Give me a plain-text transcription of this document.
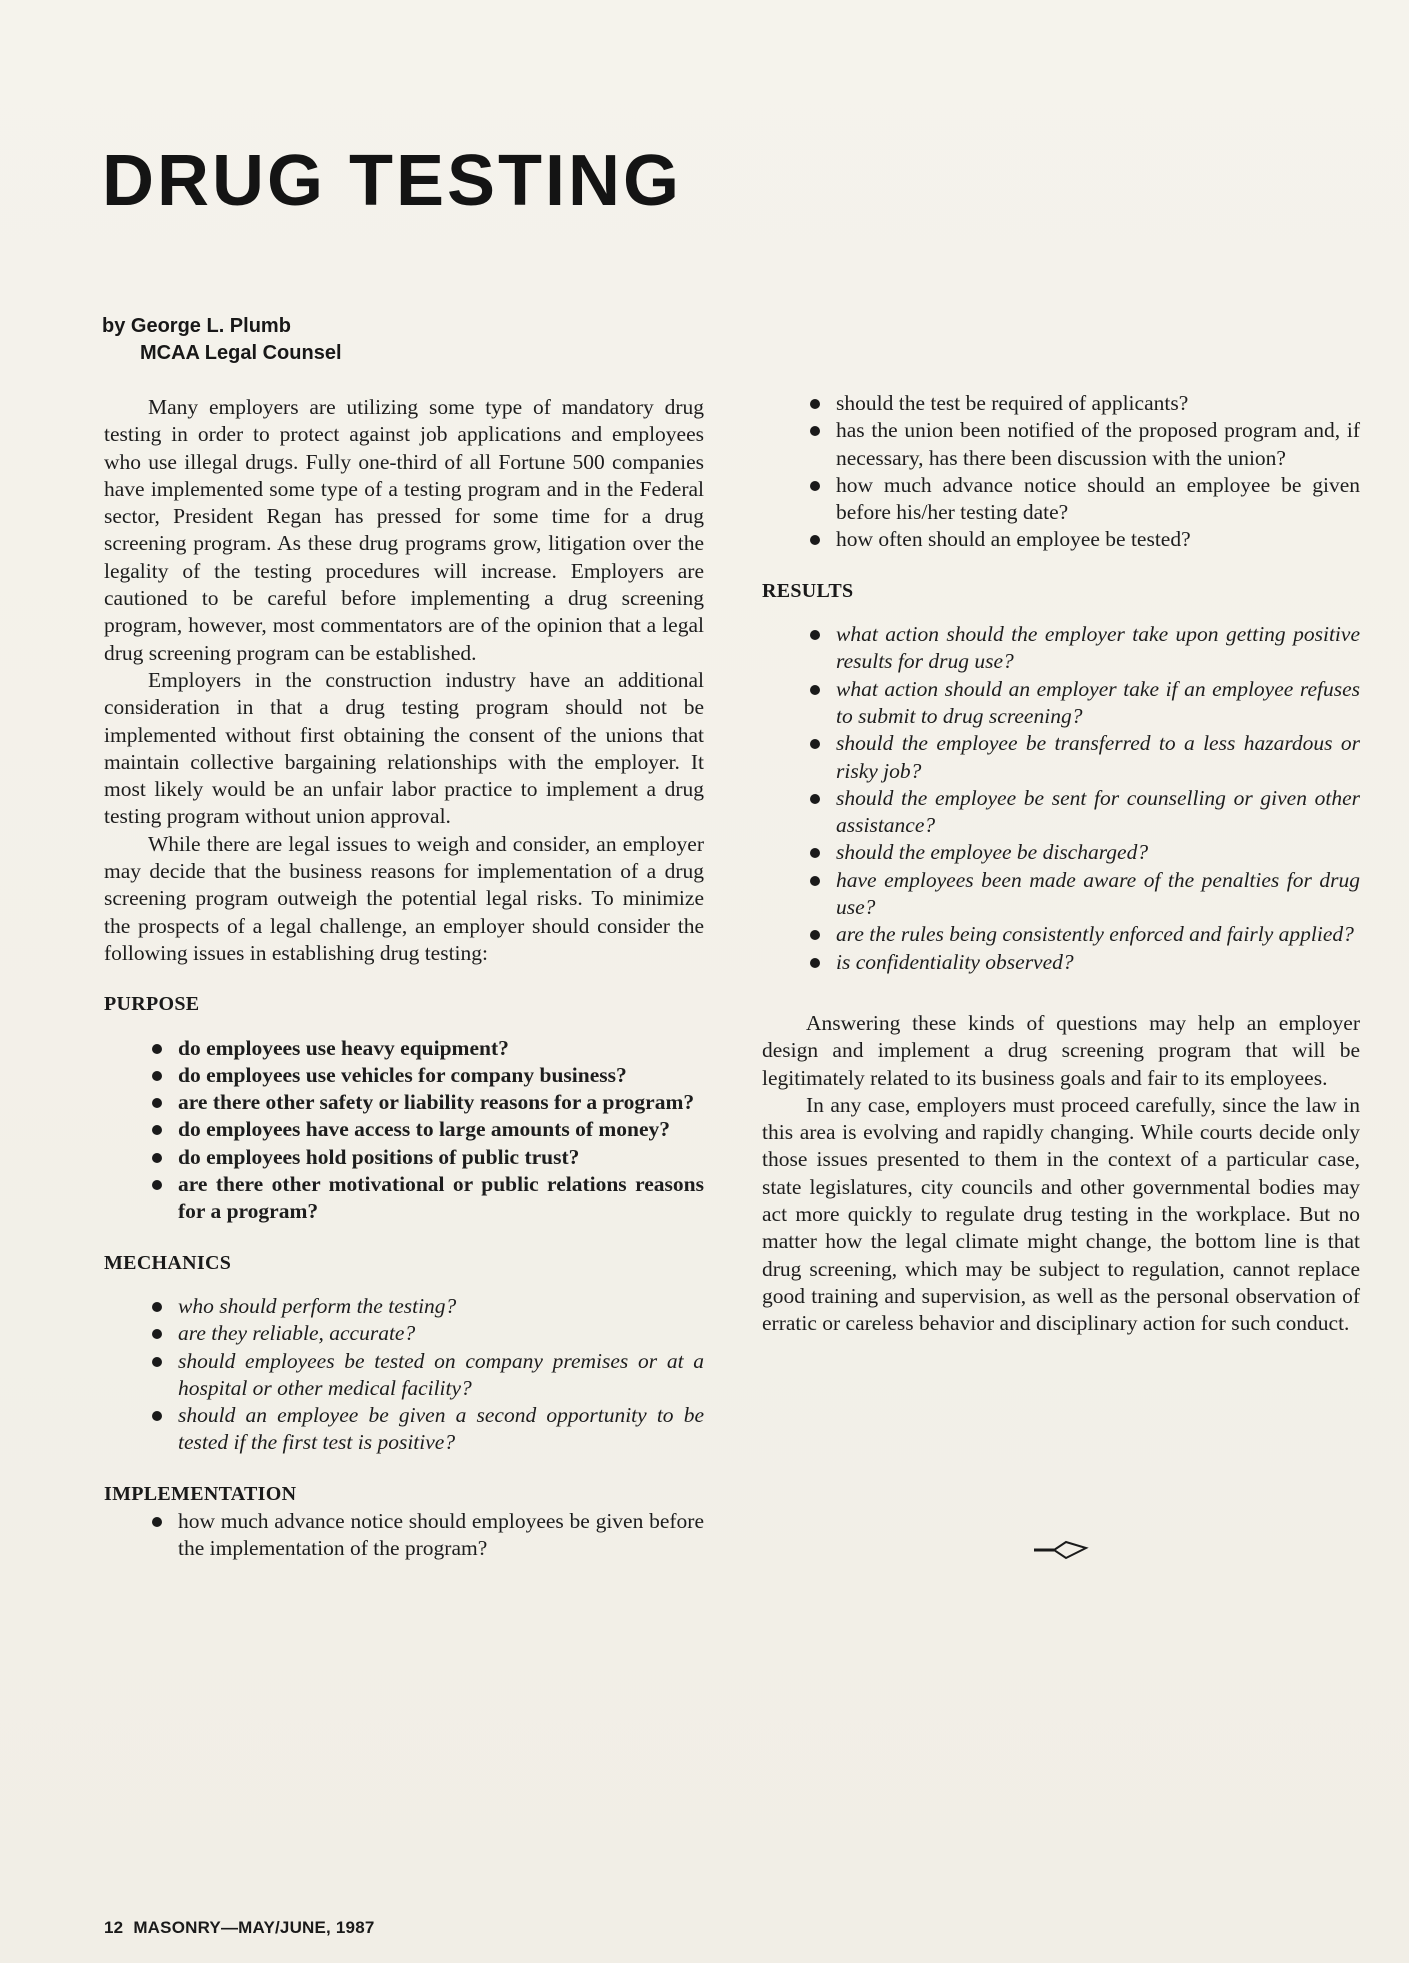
DRUG TESTING
by George L. Plumb
MCAA Legal Counsel

Many employers are utilizing some type of mandatory drug testing in order to protect against job applications and employees who use illegal drugs. Fully one-third of all Fortune 500 companies have implemented some type of a testing program and in the Federal sector, President Regan has pressed for some time for a drug screening program. As these drug programs grow, litigation over the legality of the testing procedures will increase. Employers are cautioned to be careful before implementing a drug screening program, however, most commentators are of the opinion that a legal drug screening program can be established.

Employers in the construction industry have an additional consideration in that a drug testing program should not be implemented without first obtaining the consent of the unions that maintain collective bargaining relationships with the employer. It most likely would be an unfair labor practice to implement a drug testing program without union approval.

While there are legal issues to weigh and consider, an employer may decide that the business reasons for implementation of a drug screening program outweigh the potential legal risks. To minimize the prospects of a legal challenge, an employer should consider the following issues in establishing drug testing:

PURPOSE
do employees use heavy equipment?
do employees use vehicles for company business?
are there other safety or liability reasons for a program?
do employees have access to large amounts of money?
do employees hold positions of public trust?
are there other motivational or public relations reasons for a program?
MECHANICS
who should perform the testing?
are they reliable, accurate?
should employees be tested on company premises or at a hospital or other medical facility?
should an employee be given a second opportunity to be tested if the first test is positive?
IMPLEMENTATION
how much advance notice should employees be given before the implementation of the program?
should the test be required of applicants?
has the union been notified of the proposed program and, if necessary, has there been discussion with the union?
how much advance notice should an employee be given before his/her testing date?
how often should an employee be tested?
RESULTS
what action should the employer take upon getting positive results for drug use?
what action should an employer take if an employee refuses to submit to drug screening?
should the employee be transferred to a less hazardous or risky job?
should the employee be sent for counselling or given other assistance?
should the employee be discharged?
have employees been made aware of the penalties for drug use?
are the rules being consistently enforced and fairly applied?
is confidentiality observed?

Answering these kinds of questions may help an employer design and implement a drug screening program that will be legitimately related to its business goals and fair to its employees.

In any case, employers must proceed carefully, since the law in this area is evolving and rapidly changing. While courts decide only those issues presented to them in the context of a particular case, state legislatures, city councils and other governmental bodies may act more quickly to regulate drug testing in the workplace. But no matter how the legal climate might change, the bottom line is that drug screening, which may be subject to regulation, cannot replace good training and supervision, as well as the personal observation of erratic or careless behavior and disciplinary action for such conduct.

12 MASONRY—MAY/JUNE, 1987
